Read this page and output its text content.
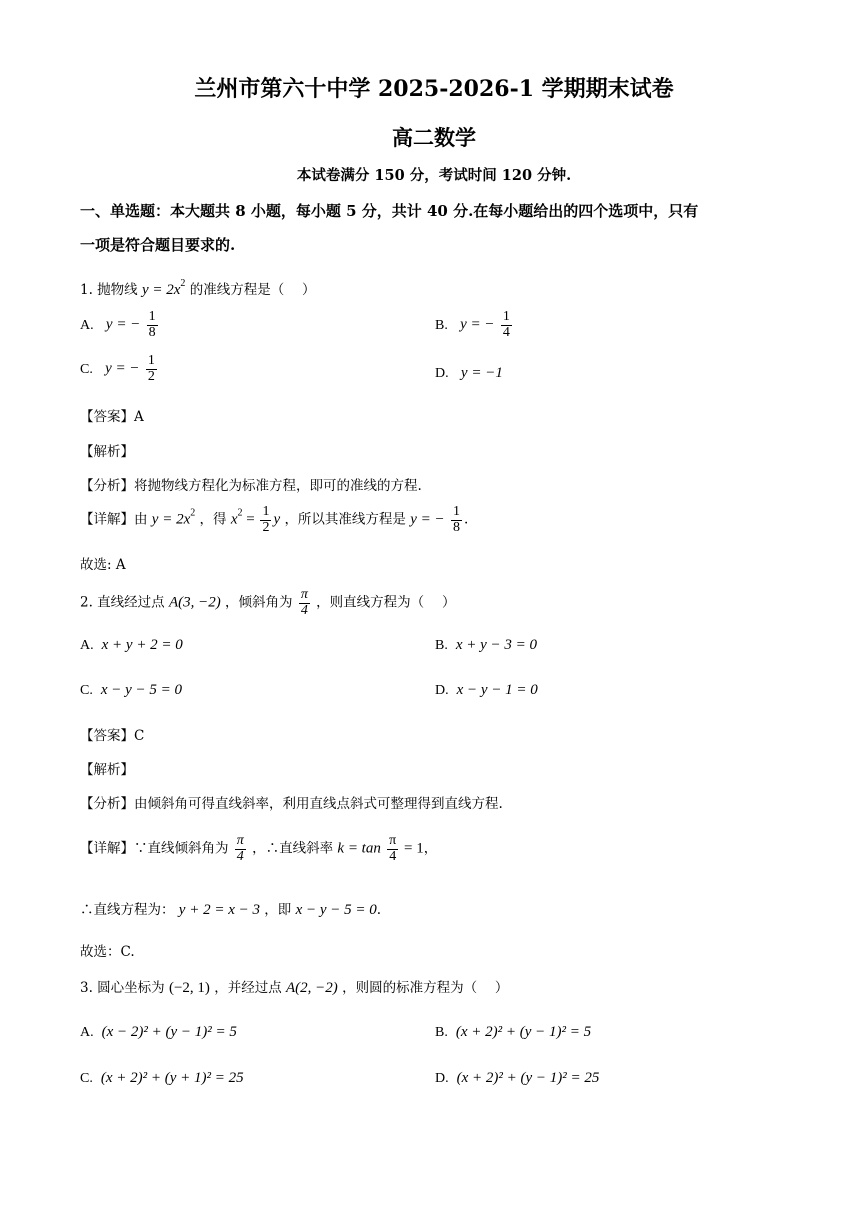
兰州市第六十中学 2025-2026-1 学期期末试卷
高二数学
本试卷满分 150 分，考试时间 120 分钟.
一、单选题：本大题共 8 小题，每小题 5 分，共计 40 分.在每小题给出的四个选项中，只有
一项是符合题目要求的.
1. 抛物线 $y = 2x^2$ 的准线方程是（　 ）
A. y = − $\frac{1}{8}$	B. y = − $\frac{1}{4}$
C. y = − $\frac{1}{2}$	D. y = −1
【答案】A
【解析】
【分析】将抛物线方程化为标准方程，即可的准线的方程.
【详解】由 $y = 2x^2$ ，得 $x^2 = \frac{1}{2}$ y ，所以其准线方程是 y = − $\frac{1}{8}$ .
故选: A
2. 直线经过点 A(3, −2) ，倾斜角为 $\frac{\pi}{4}$ ，则直线方程为（　 ）
A. x + y + 2 = 0	B. x + y − 3 = 0
C. x − y − 5 = 0	D. x − y − 1 = 0
【答案】C
【解析】
【分析】由倾斜角可得直线斜率，利用直线点斜式可整理得到直线方程.
【详解】∵直线倾斜角为 $\frac{\pi}{4}$ ，∴直线斜率 $k = \tan \frac{\pi}{4} = 1$，
∴直线方程为： y + 2 = x − 3 ，即 x − y − 5 = 0.
故选：C.
3. 圆心坐标为 (−2, 1) ，并经过点 A(2, −2) ，则圆的标准方程为（　 ）
A. (x − 2)² + (y − 1)² = 5	B. (x + 2)² + (y − 1)² = 5
C. (x + 2)² + (y + 1)² = 25	D. (x + 2)² + (y − 1)² = 25
